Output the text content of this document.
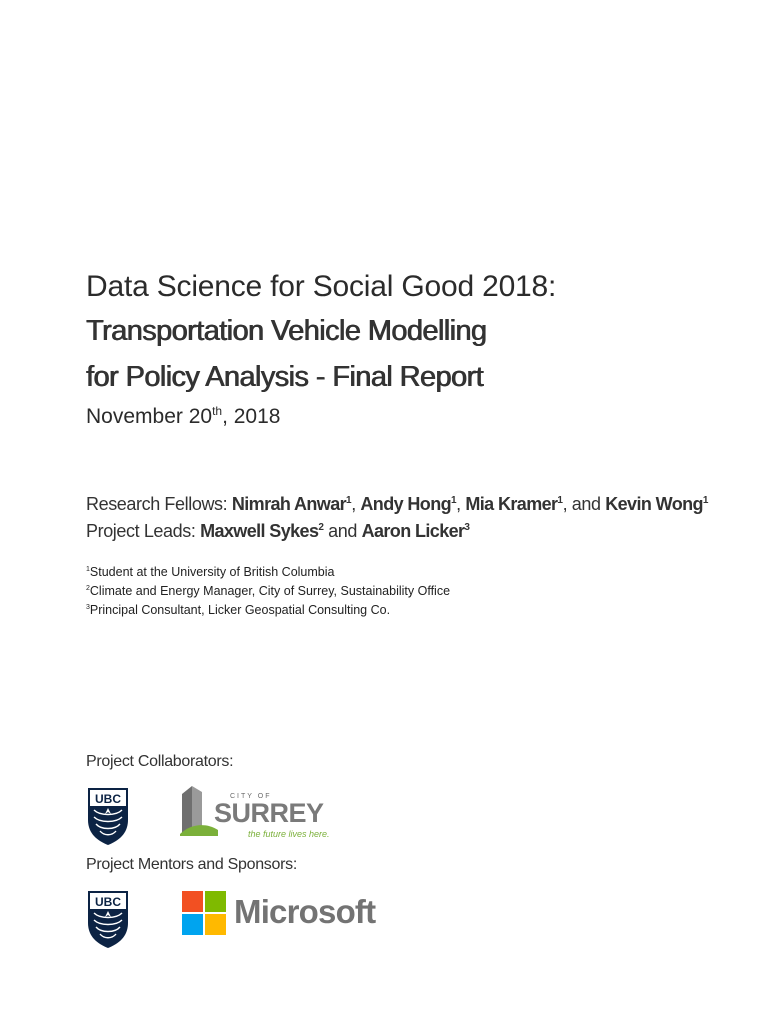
Data Science for Social Good 2018:
Transportation Vehicle Modelling
for Policy Analysis - Final Report
November 20th, 2018
Research Fellows: Nimrah Anwar$^1$, Andy Hong$^1$, Mia Kramer$^1$, and Kevin Wong$^1$
Project Leads: Maxwell Sykes$^2$ and Aaron Licker$^3$
$^1$Student at the University of British Columbia
$^2$Climate and Energy Manager, City of Surrey, Sustainability Office
$^3$Principal Consultant, Licker Geospatial Consulting Co.
Project Collaborators:
UBC	CITY OF
SURREY
the future lives here.
Project Mentors and Sponsors:
UBC	Microsoft
